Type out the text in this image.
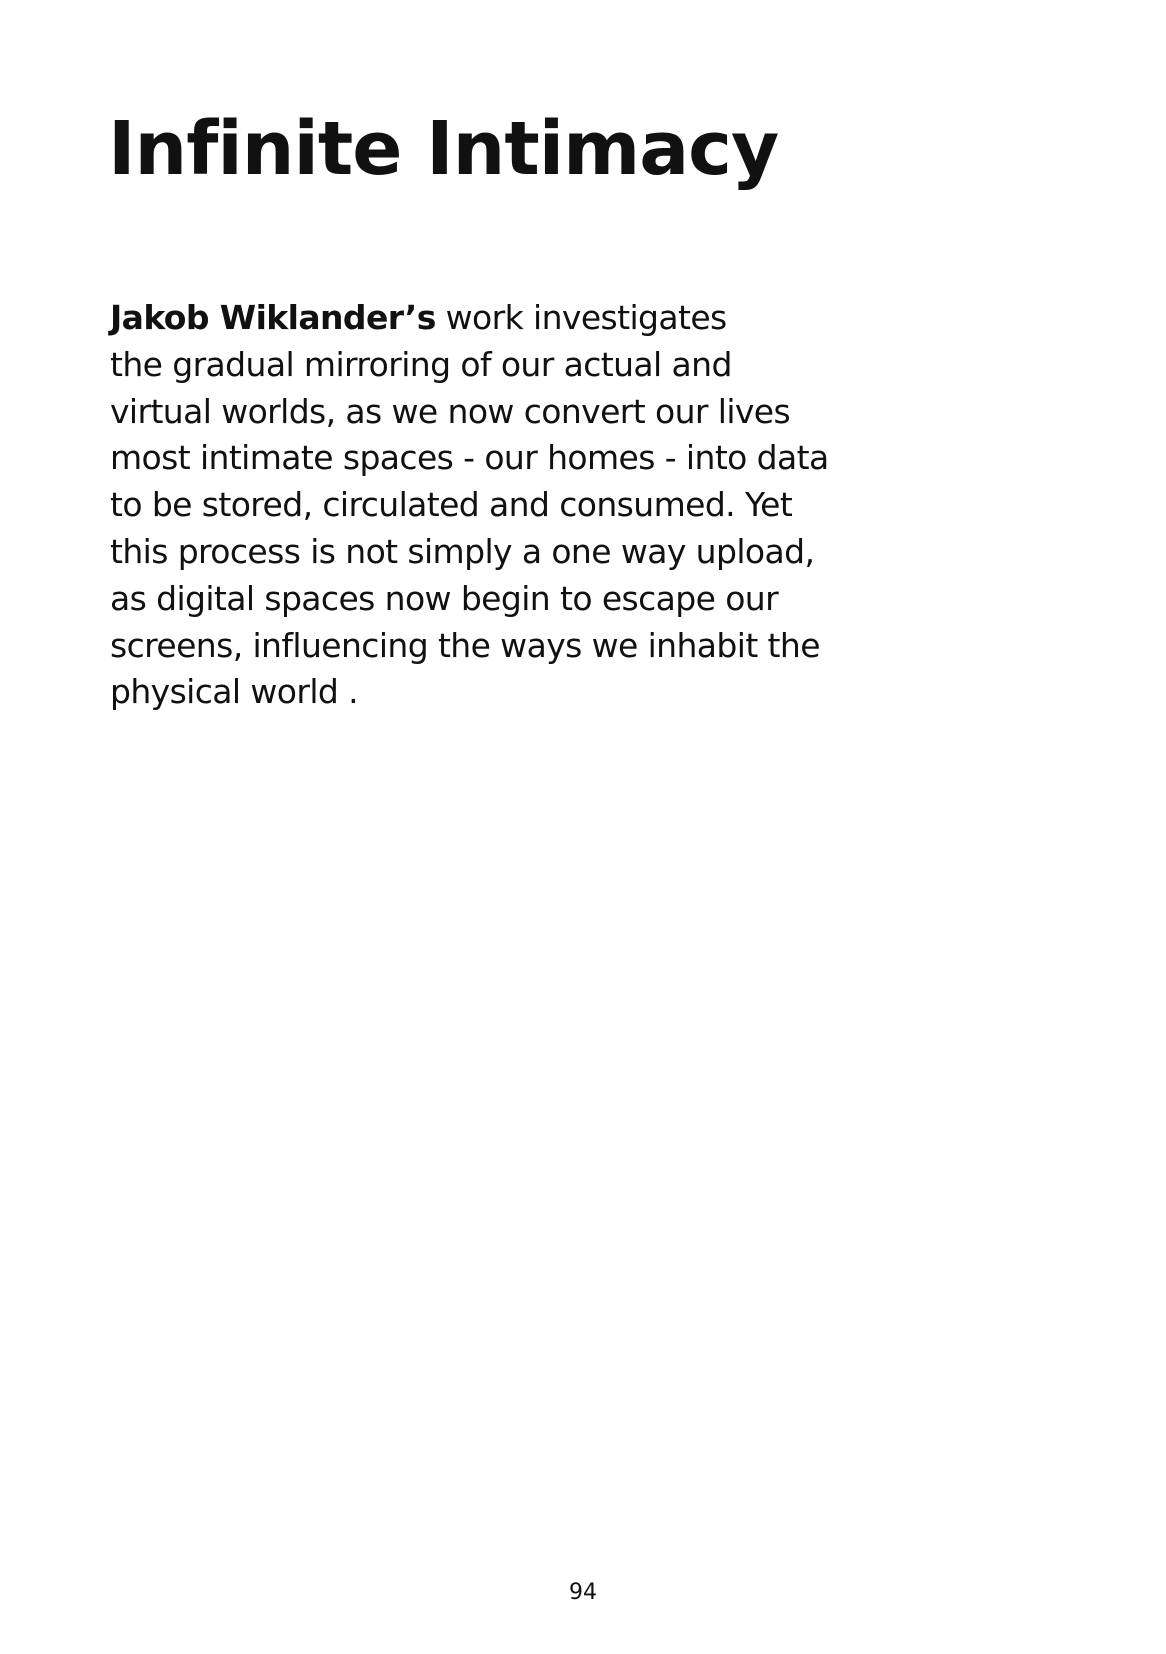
Infinite Intimacy

Jakob Wiklander’s work investigates
the gradual mirroring of our actual and
virtual worlds, as we now convert our lives
most intimate spaces - our homes - into data
to be stored, circulated and consumed. Yet
this process is not simply a one way upload,
as digital spaces now begin to escape our
screens, influencing the ways we inhabit the
physical world .

94
